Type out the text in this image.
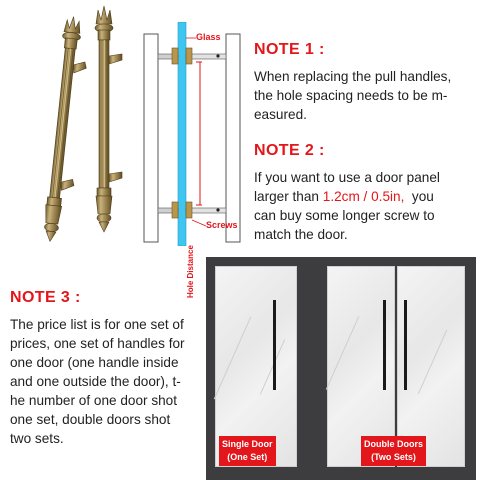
Glass
Hole Distance
Screws
NOTE 1 :
When replacing the pull handles,
the hole spacing needs to be m-
easured.
NOTE 2 :
If you want to use a door panel
larger than 1.2cm / 0.5in,  you
can buy some longer screw to
match the door.
NOTE 3 :
The price list is for one set of
prices, one set of handles for
one door (one handle inside
and one outside the door), t-
he number of one door shot
one set, double doors shot
two sets.	Single Door
(One Set)
Double Doors
(Two Sets)
